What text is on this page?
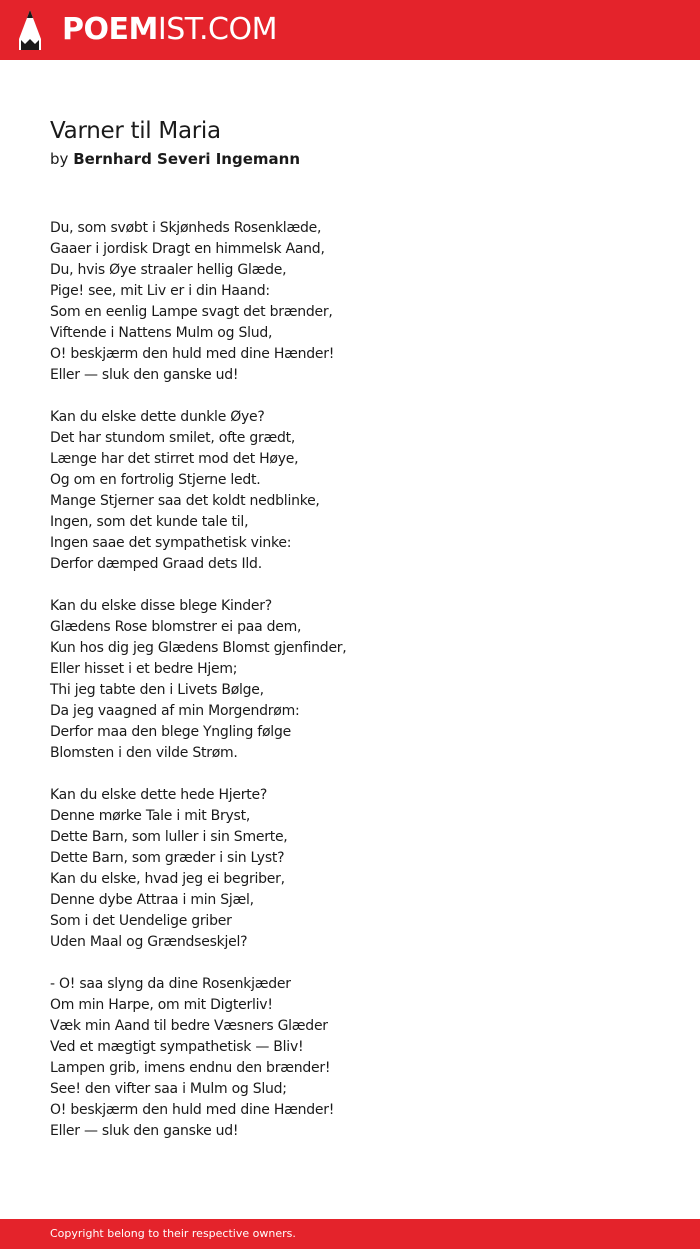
POEMIST.COM
Varner til Maria
by Bernhard Severi Ingemann
Du, som svøbt i Skjønheds Rosenklæde,
Gaaer i jordisk Dragt en himmelsk Aand,
Du, hvis Øye straaler hellig Glæde,
Pige! see, mit Liv er i din Haand:
Som en eenlig Lampe svagt det brænder,
Viftende i Nattens Mulm og Slud,
O! beskjærm den huld med dine Hænder!
Eller — sluk den ganske ud!
Kan du elske dette dunkle Øye?
Det har stundom smilet, ofte grædt,
Længe har det stirret mod det Høye,
Og om en fortrolig Stjerne ledt.
Mange Stjerner saa det koldt nedblinke,
Ingen, som det kunde tale til,
Ingen saae det sympathetisk vinke:
Derfor dæmped Graad dets Ild.
Kan du elske disse blege Kinder?
Glædens Rose blomstrer ei paa dem,
Kun hos dig jeg Glædens Blomst gjenfinder,
Eller hisset i et bedre Hjem;
Thi jeg tabte den i Livets Bølge,
Da jeg vaagned af min Morgendrøm:
Derfor maa den blege Yngling følge
Blomsten i den vilde Strøm.
Kan du elske dette hede Hjerte?
Denne mørke Tale i mit Bryst,
Dette Barn, som luller i sin Smerte,
Dette Barn, som græder i sin Lyst?
Kan du elske, hvad jeg ei begriber,
Denne dybe Attraa i min Sjæl,
Som i det Uendelige griber
Uden Maal og Grændseskjel?
- O! saa slyng da dine Rosenkjæder
Om min Harpe, om mit Digterliv!
Væk min Aand til bedre Væsners Glæder
Ved et mægtigt sympathetisk — Bliv!
Lampen grib, imens endnu den brænder!
See! den vifter saa i Mulm og Slud;
O! beskjærm den huld med dine Hænder!
Eller — sluk den ganske ud!
Copyright belong to their respective owners.
